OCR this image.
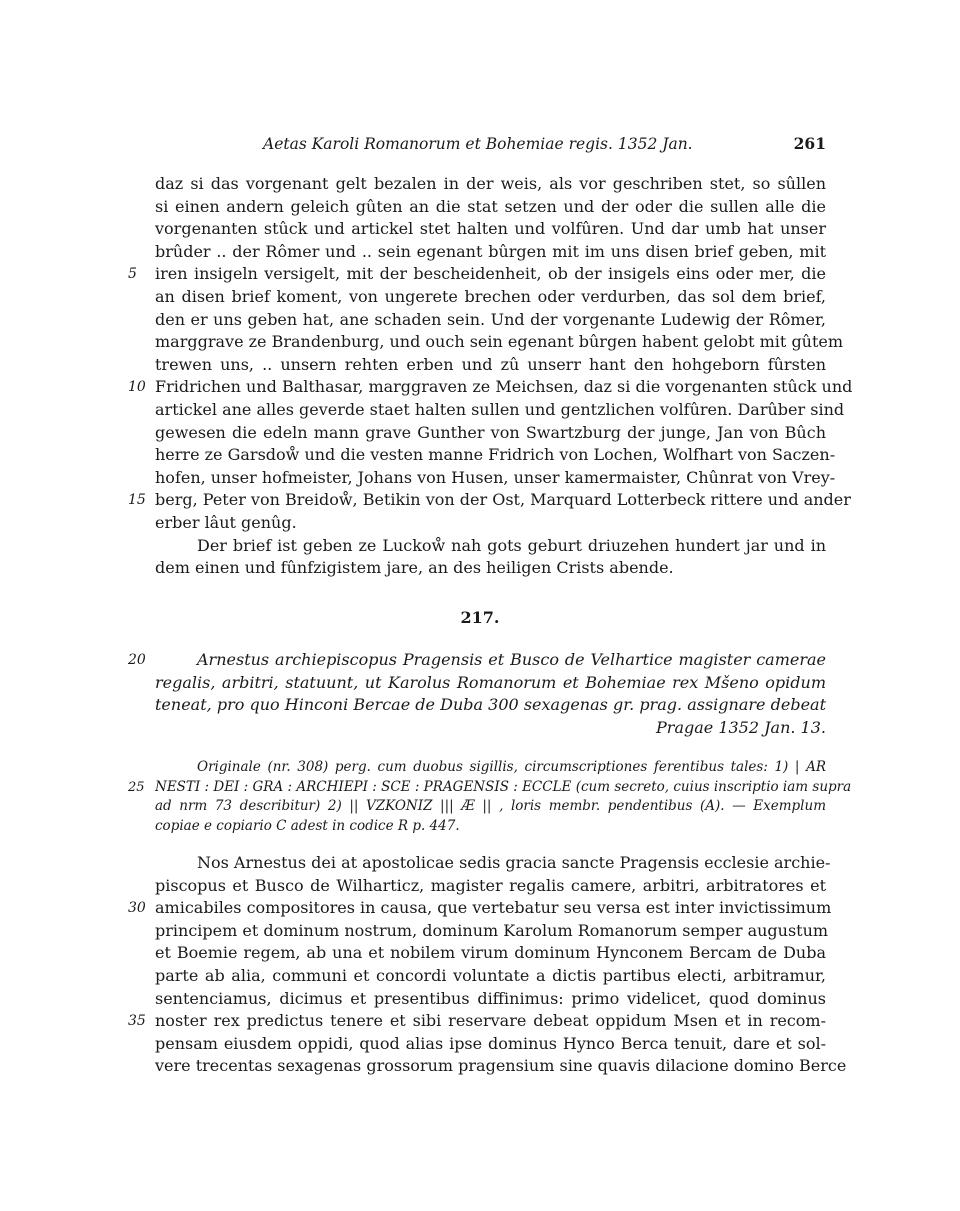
Aetas Karoli Romanorum et Bohemiae regis. 1352 Jan.	261
daz si das vorgenant gelt bezalen in der weis, als vor geschriben stet, so sûllen
si einen andern geleich gûten an die stat setzen und der oder die sullen alle die
vorgenanten stûck und artickel stet halten und volfûren. Und dar umb hat unser
brûder .. der Rômer und .. sein egenant bûrgen mit im uns disen brief geben, mit
5	iren insigeln versigelt, mit der bescheidenheit, ob der insigels eins oder mer, die
an disen brief koment, von ungerete brechen oder verdurben, das sol dem brief,
den er uns geben hat, ane schaden sein. Und der vorgenante Ludewig der Rômer,
marggrave ze Brandenburg, und ouch sein egenant bûrgen habent gelobt mit gûtem
trewen uns, .. unsern rehten erben und zû unserr hant den hohgeborn fûrsten
10 Fridrichen und Balthasar, marggraven ze Meichsen, daz si die vorgenanten stûck und
artickel ane alles geverde staet halten sullen und gentzlichen volfûren. Darûber sind
gewesen die edeln mann grave Gunther von Swartzburg der junge, Jan von Bûch
herre ze Garsdoẘ und die vesten manne Fridrich von Lochen, Wolfhart von Saczen-
hofen, unser hofmeister, Johans von Husen, unser kamermaister, Chûnrat von Vrey-
15 berg, Peter von Breidoẘ, Betikin von der Ost, Marquard Lotterbeck rittere und ander
erber lâut genûg.
Der brief ist geben ze Luckoẘ nah gots geburt driuzehen hundert jar und in
dem einen und fûnfzigistem jare, an des heiligen Crists abende.
217.
20	Arnestus archiepiscopus Pragensis et Busco de Velhartice magister camerae
regalis, arbitri, statuunt, ut Karolus Romanorum et Bohemiae rex Mšeno opidum
teneat, pro quo Hinconi Bercae de Duba 300 sexagenas gr. prag. assignare debeat
Pragae 1352 Jan. 13.
Originale (nr. 308) perg. cum duobus sigillis, circumscriptiones ferentibus tales: 1) | AR
25 NESTI : DEI : GRA : ARCHIEPI : SCE : PRAGENSIS : ECCLE (cum secreto, cuius inscriptio iam supra
ad nrm 73 describitur) 2) || VZKONIZ ||| Æ || , loris membr. pendentibus (A). — Exemplum
copiae e copiario C adest in codice R p. 447.
Nos Arnestus dei at apostolicae sedis gracia sancte Pragensis ecclesie archie-
piscopus et Busco de Wilharticz, magister regalis camere, arbitri, arbitratores et
30 amicabiles compositores in causa, que vertebatur seu versa est inter invictissimum
principem et dominum nostrum, dominum Karolum Romanorum semper augustum
et Boemie regem, ab una et nobilem virum dominum Hynconem Bercam de Duba
parte ab alia, communi et concordi voluntate a dictis partibus electi, arbitramur,
sentenciamus, dicimus et presentibus diffinimus: primo videlicet, quod dominus
35 noster rex predictus tenere et sibi reservare debeat oppidum Msen et in recom-
pensam eiusdem oppidi, quod alias ipse dominus Hynco Berca tenuit, dare et sol-
vere trecentas sexagenas grossorum pragensium sine quavis dilacione domino Berce
